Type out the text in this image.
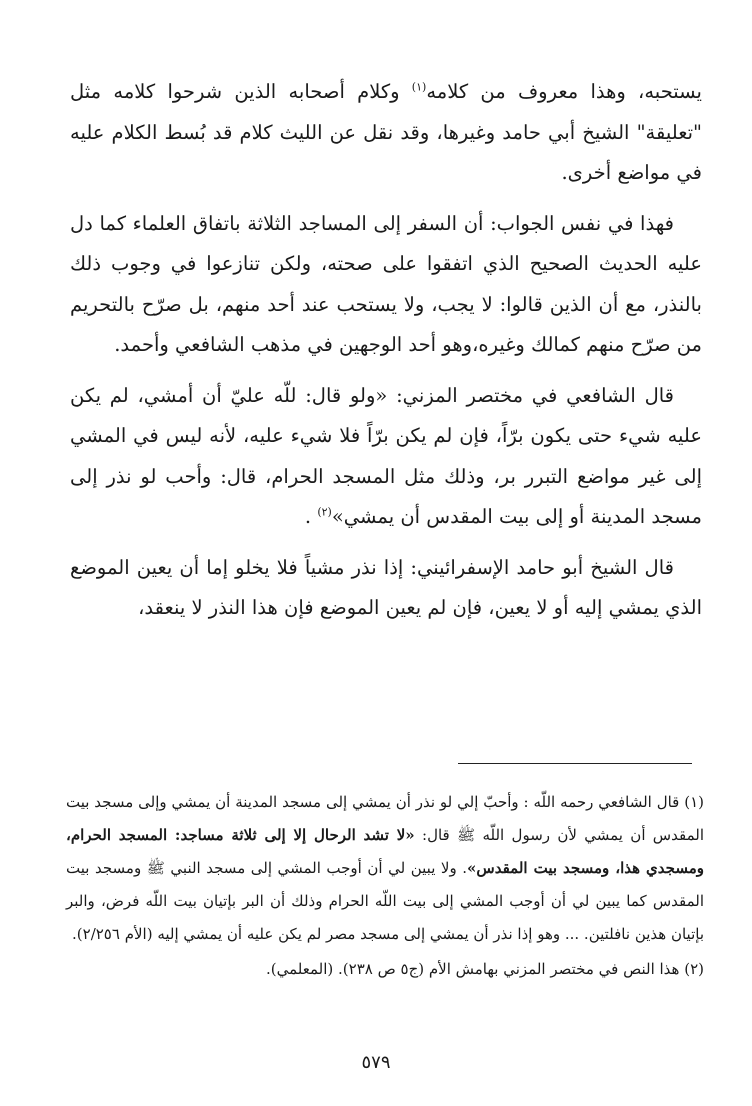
يستحبه، وهذا معروف من كلامه$^{(١)}$ وكلام أصحابه الذين شرحوا كلامه مثل "تعليقة" الشيخ أبي حامد وغيرها، وقد نقل عن الليث كلام قد بُسط الكلام عليه في مواضع أخرى.

فهذا في نفس الجواب: أن السفر إلى المساجد الثلاثة باتفاق العلماء كما دل عليه الحديث الصحيح الذي اتفقوا على صحته، ولكن تنازعوا في وجوب ذلك بالنذر، مع أن الذين قالوا: لا يجب، ولا يستحب عند أحد منهم، بل صرّح بالتحريم من صرّح منهم كمالك وغيره،وهو أحد الوجهين في مذهب الشافعي وأحمد.

قال الشافعي في مختصر المزني: «ولو قال: للّه عليّ أن أمشي، لم يكن عليه شيء حتى يكون برّاً، فإن لم يكن برّاً فلا شيء عليه، لأنه ليس في المشي إلى غير مواضع التبرر بر، وذلك مثل المسجد الحرام، قال: وأحب لو نذر إلى مسجد المدينة أو إلى بيت المقدس أن يمشي»$^{(٢)}$ .

قال الشيخ أبو حامد الإسفرائيني: إذا نذر مشياً فلا يخلو إما أن يعين الموضع الذي يمشي إليه أو لا يعين، فإن لم يعين الموضع فإن هذا النذر لا ينعقد،

(١) قال الشافعي رحمه اللّه : وأحبّ إلي لو نذر أن يمشي إلى مسجد المدينة أن يمشي وإلى مسجد بيت المقدس أن يمشي لأن رسول اللّه ﷺ قال: «لا تشد الرحال إلا إلى ثلاثة مساجد: المسجد الحرام، ومسجدي هذا، ومسجد بيت المقدس». ولا يبين لي أن أوجب المشي إلى مسجد النبي ﷺ ومسجد بيت المقدس كما يبين لي أن أوجب المشي إلى بيت اللّه الحرام وذلك أن البر بإتيان بيت اللّه فرض، والبر بإتيان هذين نافلتين. ... وهو إذا نذر أن يمشي إلى مسجد مصر لم يكن عليه أن يمشي إليه (الأم ٢/٢٥٦).

(٢) هذا النص في مختصر المزني بهامش الأم (ج٥ ص ٢٣٨). (المعلمي).

٥٧٩
